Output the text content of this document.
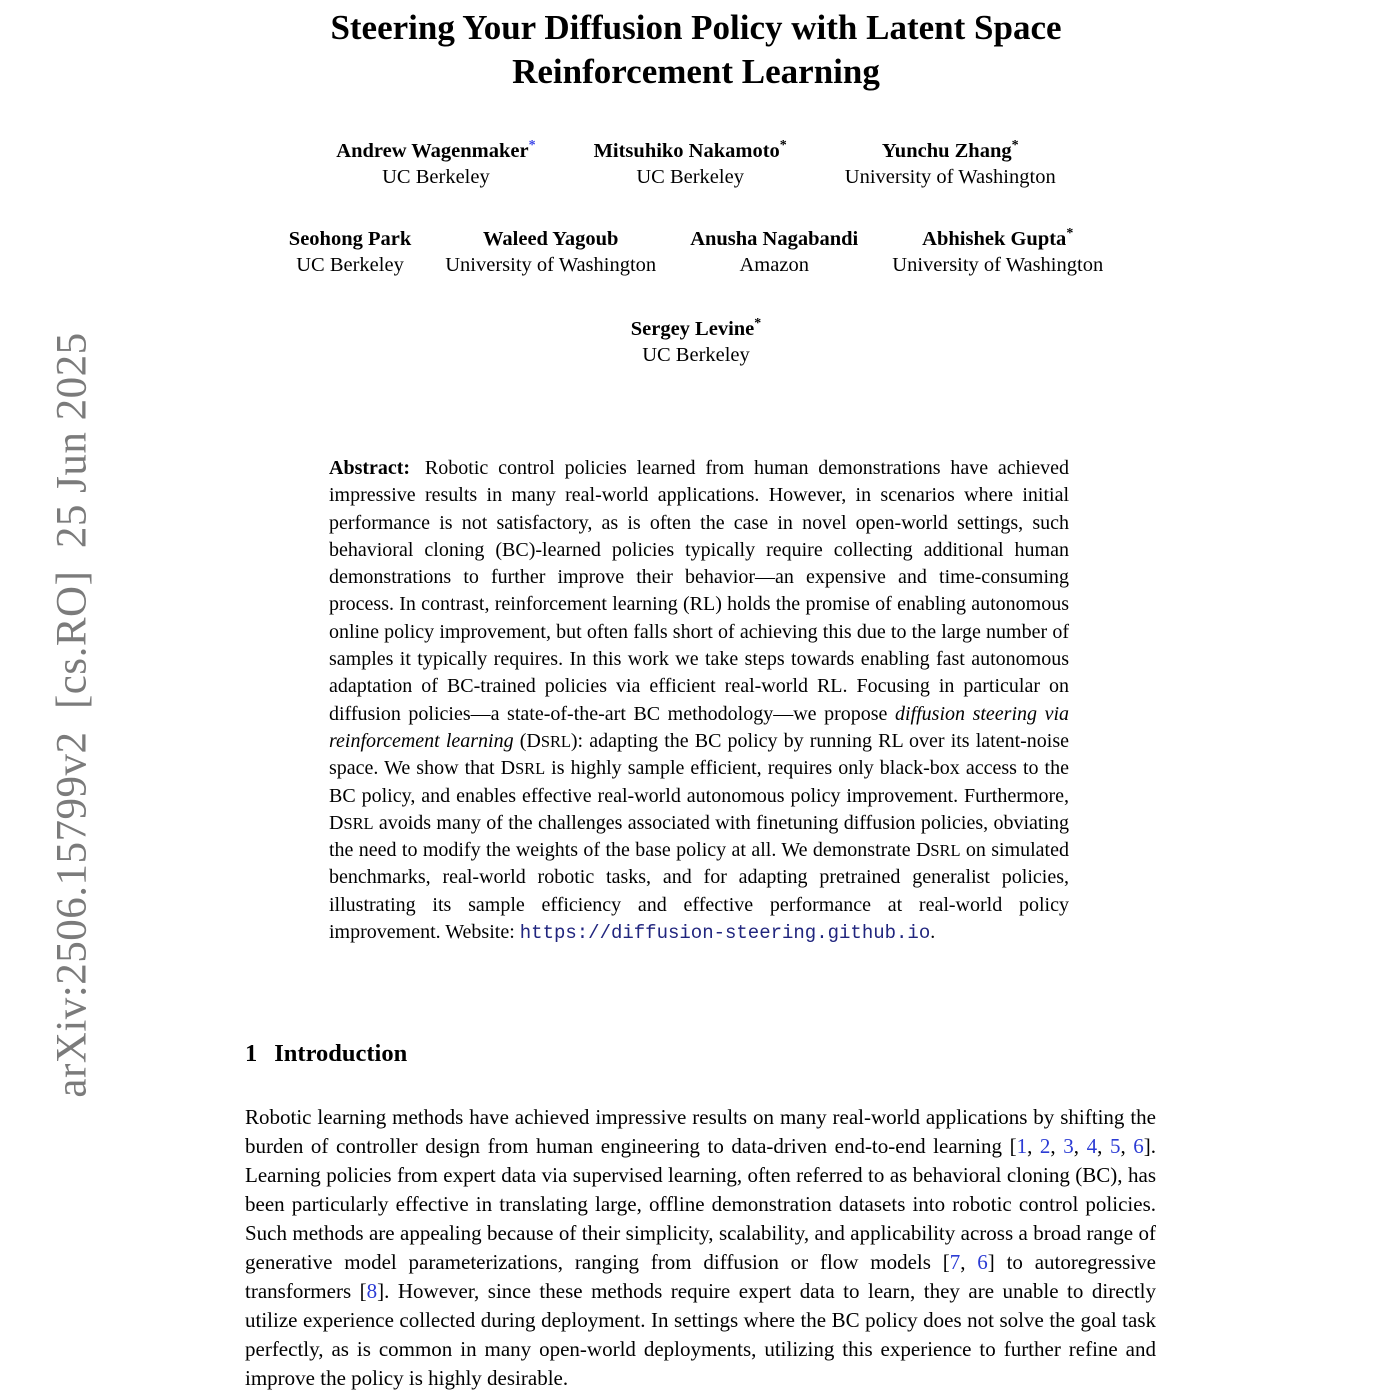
arXiv:2506.15799v2  [cs.RO]  25 Jun 2025
Steering Your Diffusion Policy with Latent Space
Reinforcement Learning
Andrew Wagenmaker*
UC Berkeley
Mitsuhiko Nakamoto*
UC Berkeley
Yunchu Zhang*
University of Washington
Seohong Park
UC Berkeley
Waleed Yagoub
University of Washington
Anusha Nagabandi
Amazon
Abhishek Gupta*
University of Washington
Sergey Levine*
UC Berkeley

Abstract: Robotic control policies learned from human demonstrations have achieved impressive results in many real-world applications. However, in scenarios where initial performance is not satisfactory, as is often the case in novel open-world settings, such behavioral cloning (BC)-learned policies typically require collecting additional human demonstrations to further improve their behavior—an expensive and time-consuming process. In contrast, reinforcement learning (RL) holds the promise of enabling autonomous online policy improvement, but often falls short of achieving this due to the large number of samples it typically requires. In this work we take steps towards enabling fast autonomous adaptation of BC-trained policies via efficient real-world RL. Focusing in particular on diffusion policies—a state-of-the-art BC methodology—we propose diffusion steering via reinforcement learning (DSRL): adapting the BC policy by running RL over its latent-noise space. We show that DSRL is highly sample efficient, requires only black-box access to the BC policy, and enables effective real-world autonomous policy improvement. Furthermore, DSRL avoids many of the challenges associated with finetuning diffusion policies, obviating the need to modify the weights of the base policy at all. We demonstrate DSRL on simulated benchmarks, real-world robotic tasks, and for adapting pretrained generalist policies, illustrating its sample efficiency and effective performance at real-world policy improvement. Website: https://diffusion-steering.github.io.

1 Introduction

Robotic learning methods have achieved impressive results on many real-world applications by shifting the burden of controller design from human engineering to data-driven end-to-end learning [1, 2, 3, 4, 5, 6]. Learning policies from expert data via supervised learning, often referred to as behavioral cloning (BC), has been particularly effective in translating large, offline demonstration datasets into robotic control policies. Such methods are appealing because of their simplicity, scalability, and applicability across a broad range of generative model parameterizations, ranging from diffusion or flow models [7, 6] to autoregressive transformers [8]. However, since these methods require expert data to learn, they are unable to directly utilize experience collected during deployment. In settings where the BC policy does not solve the goal task perfectly, as is common in many open-world deployments, utilizing this experience to further refine and improve the policy is highly desirable.
